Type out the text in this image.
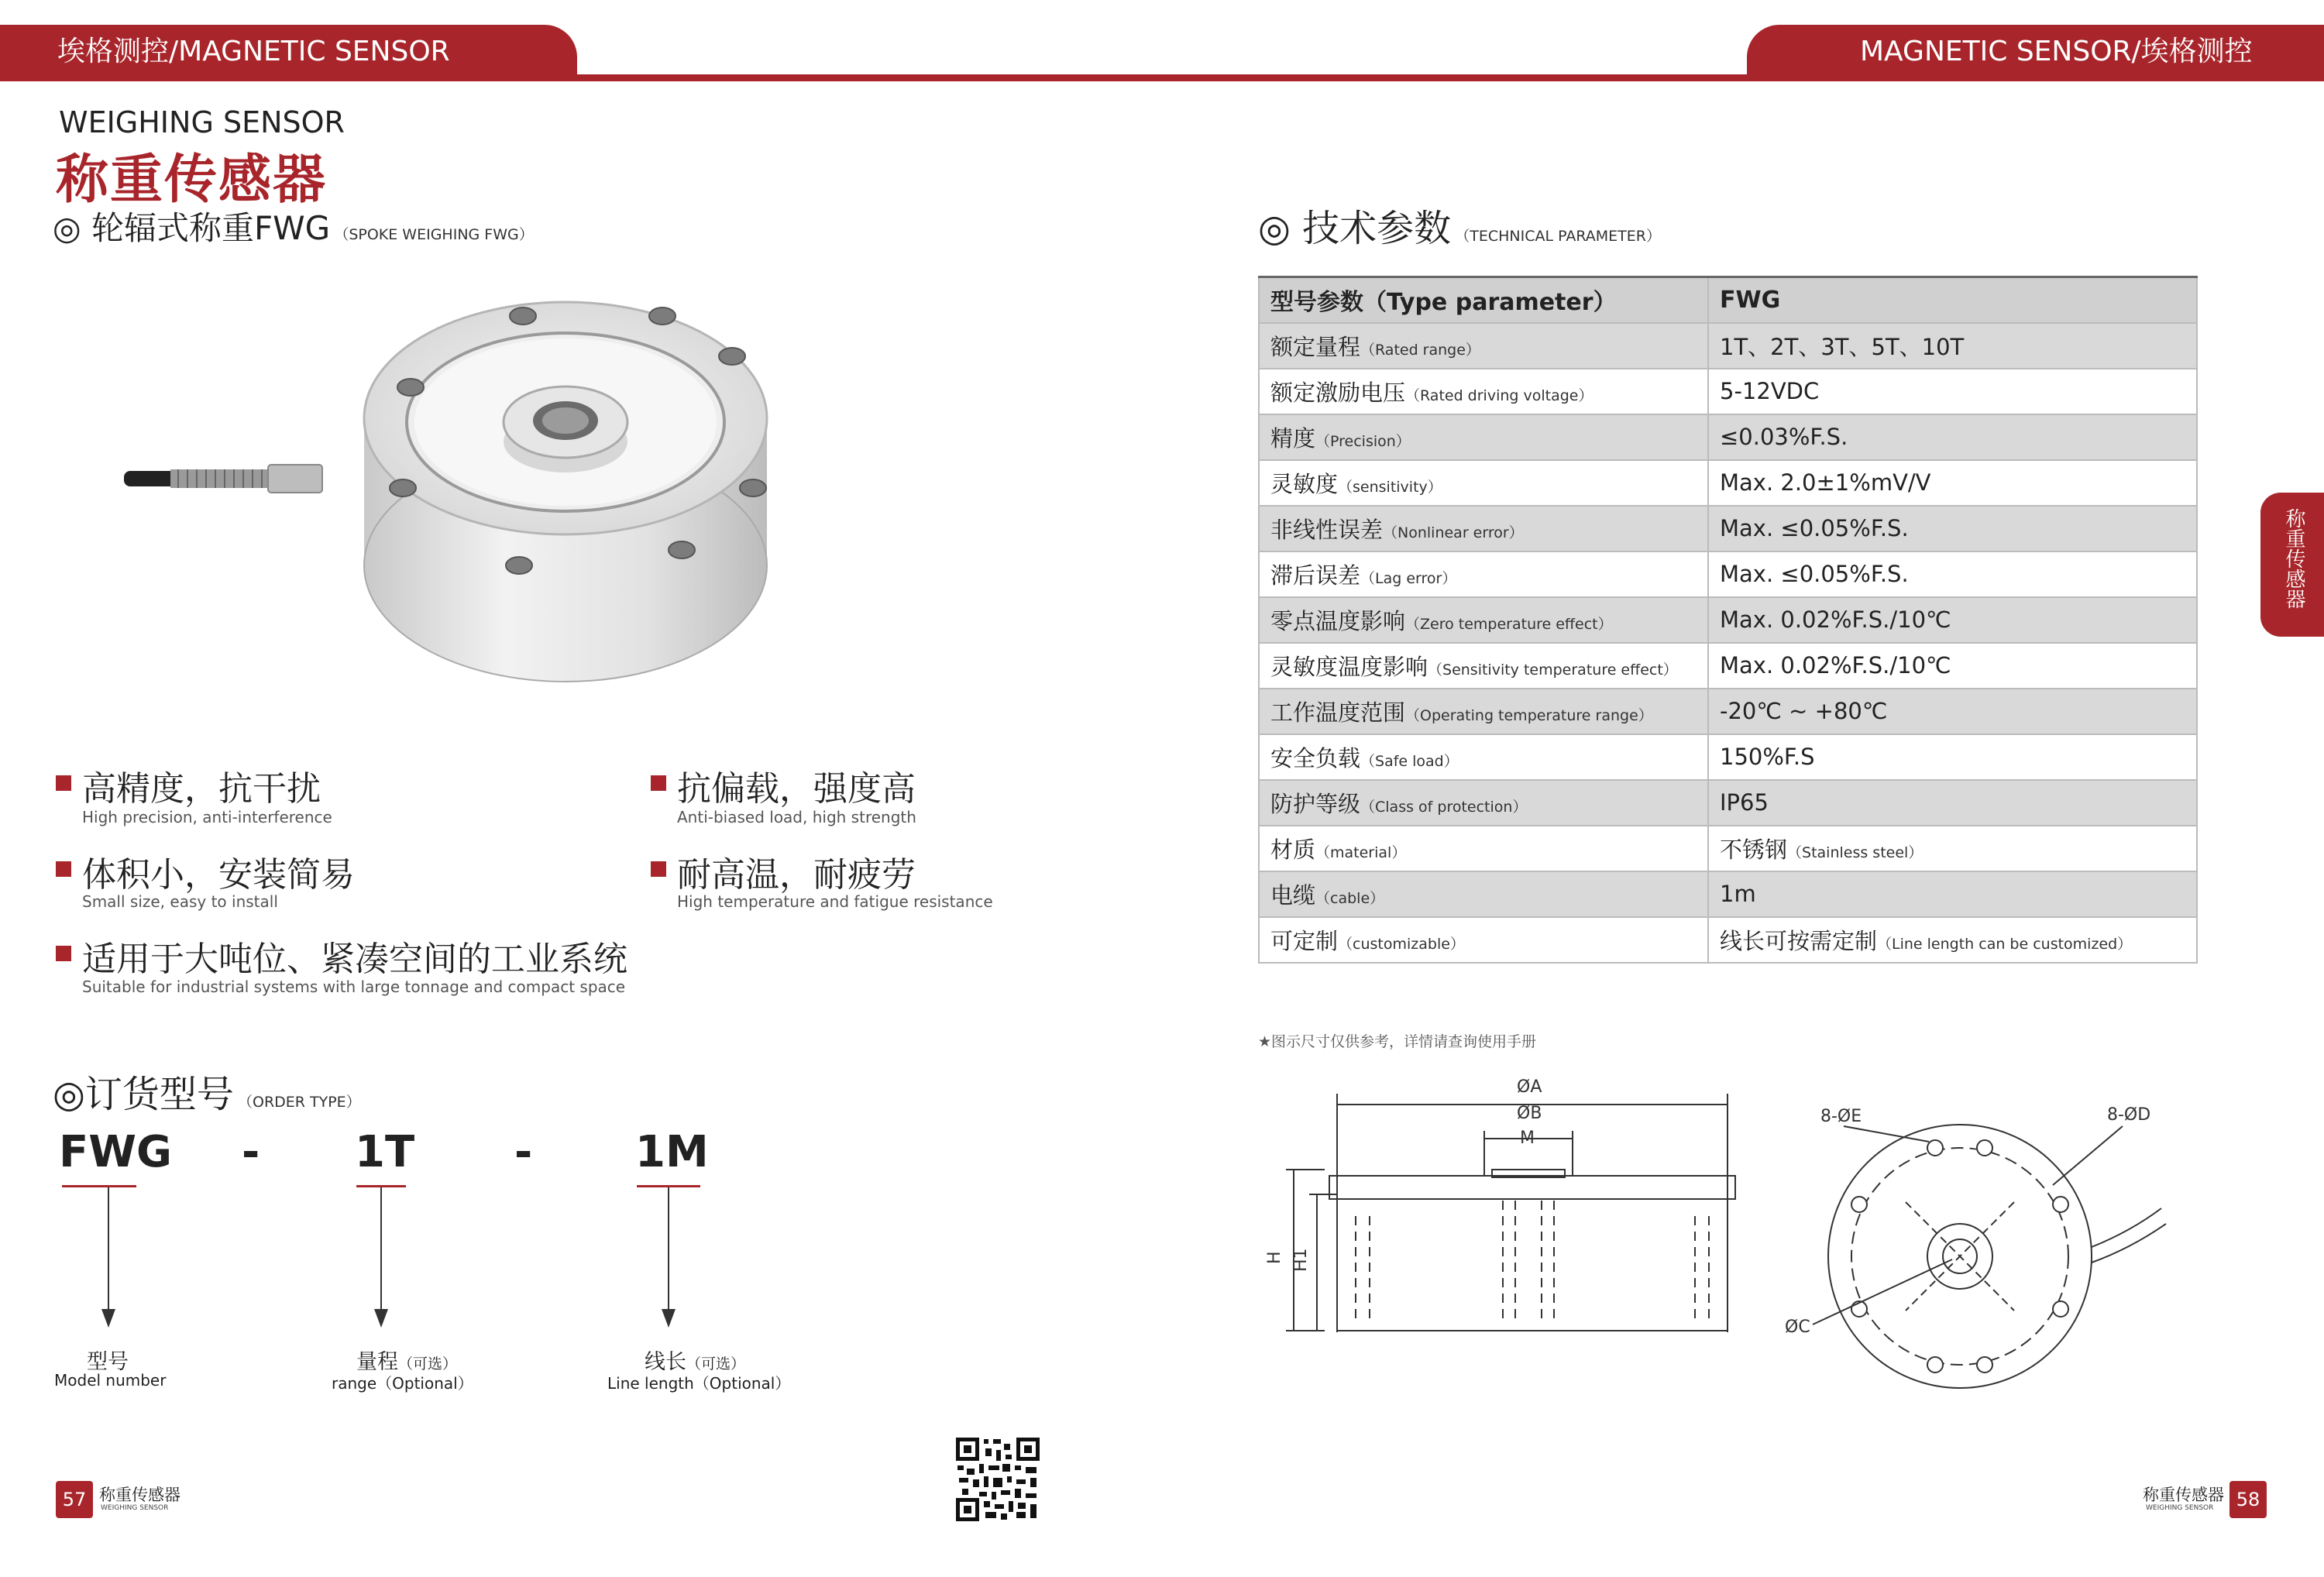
埃格测控/MAGNETIC SENSOR	MAGNETIC SENSOR/埃格测控
WEIGHING SENSOR
称重传感器
◎ 轮辐式称重FWG （SPOKE WEIGHING FWG）
高精度，抗干扰
High precision, anti-interference
抗偏载，强度高
Anti-biased load, high strength
体积小，安装简易
Small size, easy to install
耐高温，耐疲劳
High temperature and fatigue resistance
适用于大吨位、紧凑空间的工业系统
Suitable for industrial systems with large tonnage and compact space
◎订货型号 （ORDER TYPE）
FWG - 1T - 1M
型号
Model number
量程（可选）
range（Optional）
线长（可选）
Line length（Optional）
57 称重传感器
WEIGHING SENSOR
◎ 技术参数 （TECHNICAL PARAMETER）
型号参数（Type parameter）	FWG
额定量程（Rated range）	1T、2T、3T、5T、10T
额定激励电压（Rated driving voltage）	5-12VDC
精度（Precision）	≤0.03%F.S.
灵敏度（sensitivity）	Max. 2.0±1%mV/V
非线性误差（Nonlinear error）	Max. ≤0.05%F.S.
滞后误差（Lag error）	Max. ≤0.05%F.S.
零点温度影响（Zero temperature effect）	Max. 0.02%F.S./10℃
灵敏度温度影响（Sensitivity temperature effect）	Max. 0.02%F.S./10℃
工作温度范围（Operating temperature range）	-20℃ ~ +80℃
安全负载（Safe load）	150%F.S
防护等级（Class of protection）	IP65
材质（material）	不锈钢（Stainless steel）
电缆（cable）	1m
可定制（customizable）	线长可按需定制（Line length can be customized）
★图示尺寸仅供参考，详情请查询使用手册
ØA
ØB
M
H H1
8-ØE	8-ØD
ØC
称重传感器
称重传感器
WEIGHING SENSOR	58
